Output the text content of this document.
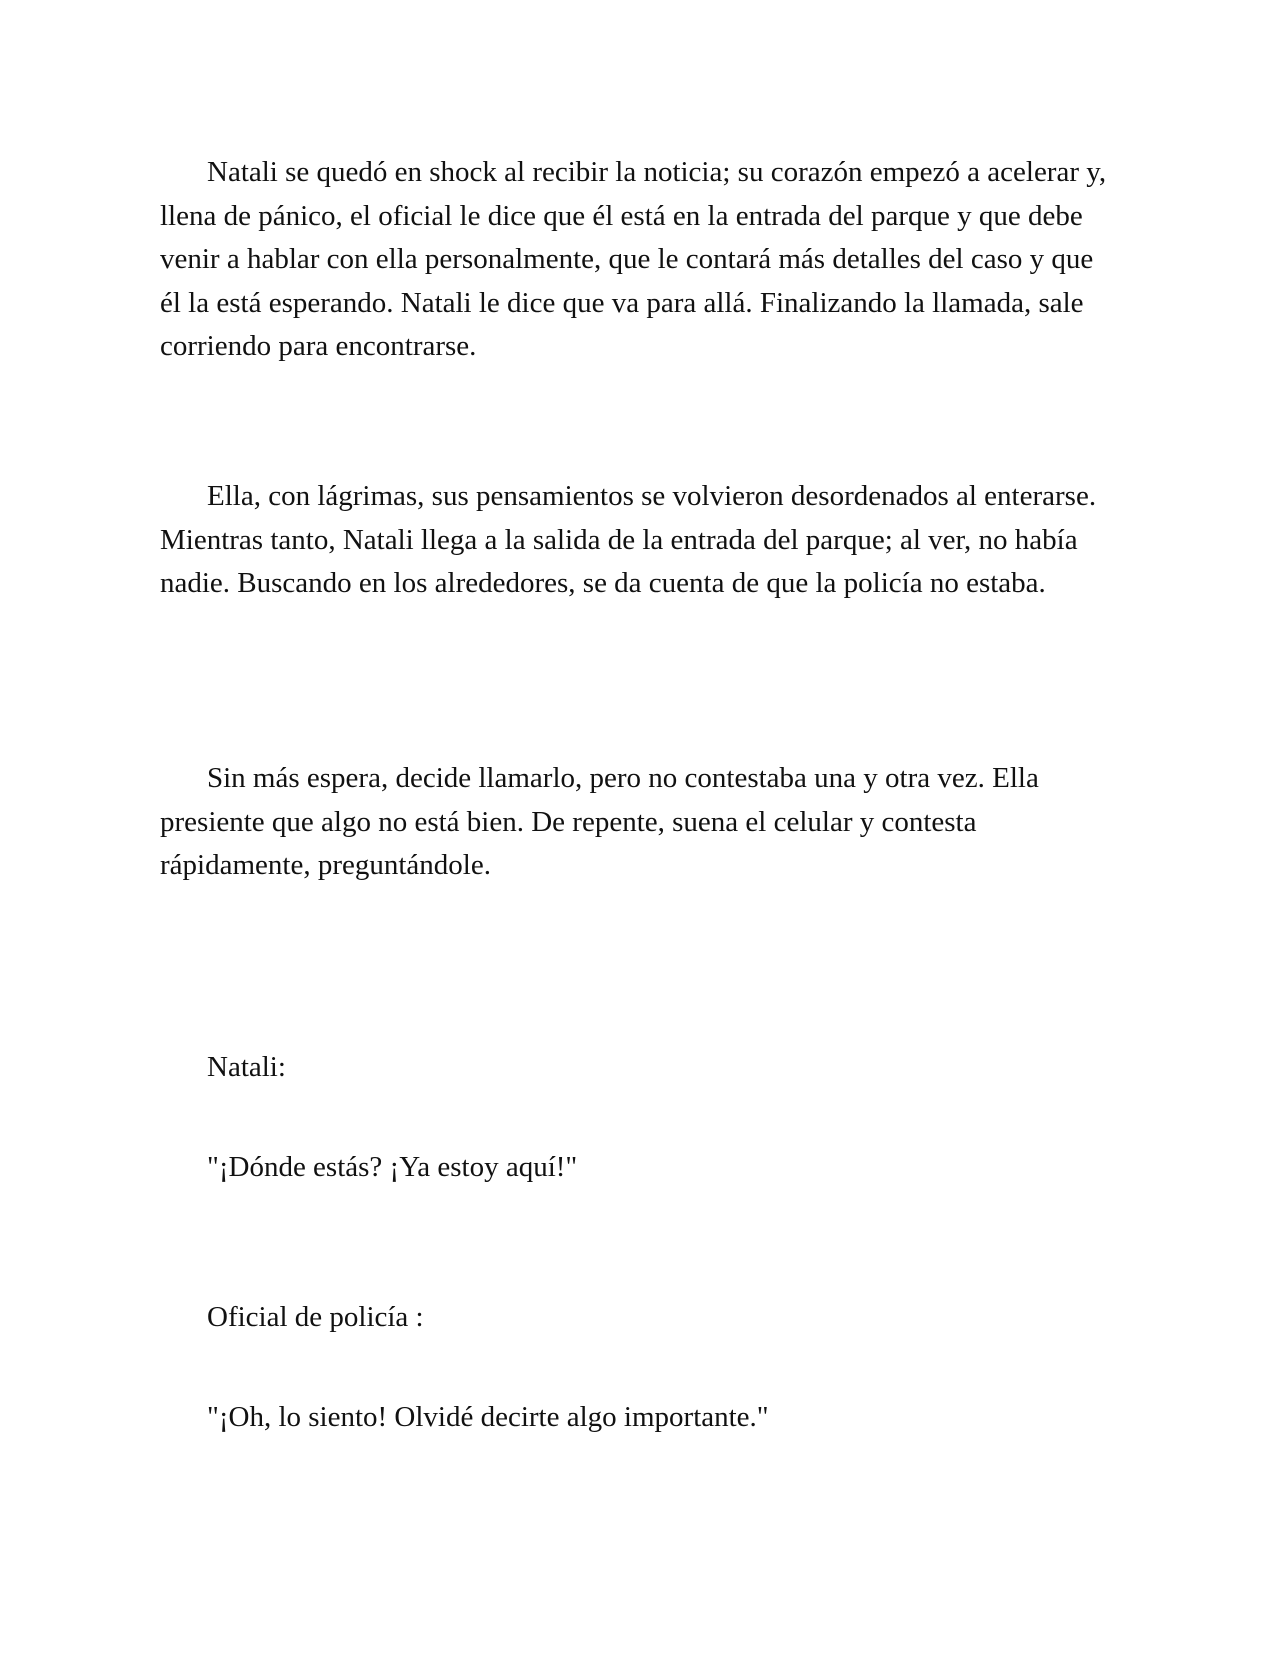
Natali se quedó en shock al recibir la noticia; su corazón empezó a acelerar y, llena de pánico, el oficial le dice que él está en la entrada del parque y que debe venir a hablar con ella personalmente, que le contará más detalles del caso y que él la está esperando. Natali le dice que va para allá. Finalizando la llamada, sale corriendo para encontrarse.

Ella, con lágrimas, sus pensamientos se volvieron desordenados al enterarse. Mientras tanto, Natali llega a la salida de la entrada del parque; al ver, no había nadie. Buscando en los alrededores, se da cuenta de que la policía no estaba.

Sin más espera, decide llamarlo, pero no contestaba una y otra vez. Ella presiente que algo no está bien. De repente, suena el celular y contesta rápidamente, preguntándole.

Natali:

"¡Dónde estás? ¡Ya estoy aquí!"

Oficial de policía :

"¡Oh, lo siento! Olvidé decirte algo importante."
